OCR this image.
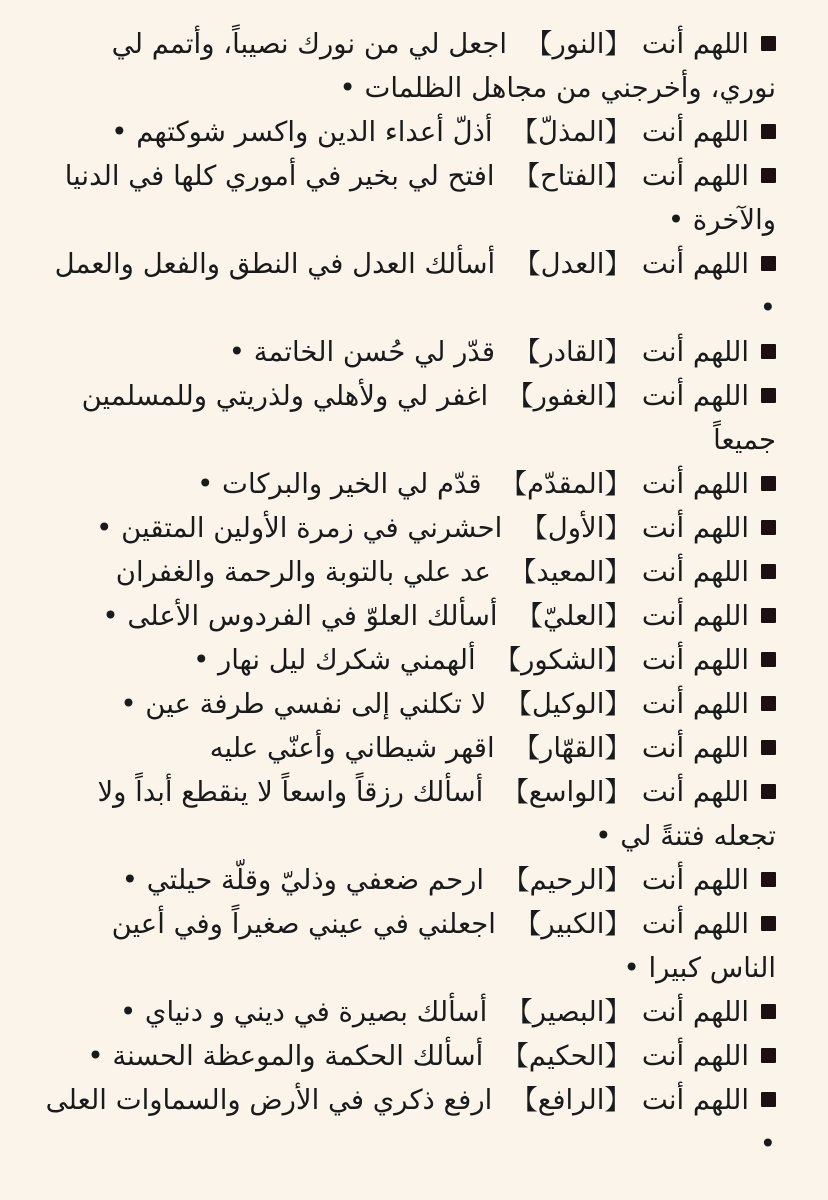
اللهم أنت【النور】اجعل لي من نورك نصيباً، وأتمم لي نوري، وأخرجني من مجاهل الظلمات •
اللهم أنت【المذلّ】أذلّ أعداء الدين واكسر شوكتهم •
اللهم أنت【الفتاح】افتح لي بخير في أموري كلها في الدنيا والآخرة •
اللهم أنت【العدل】أسألك العدل في النطق والفعل والعمل •
اللهم أنت【القادر】قدّر لي حُسن الخاتمة •
اللهم أنت【الغفور】اغفر لي ولأهلي ولذريتي وللمسلمين جميعاً
اللهم أنت【المقدّم】قدّم لي الخير والبركات •
اللهم أنت【الأول】احشرني في زمرة الأولين المتقين •
اللهم أنت【المعيد】عد علي بالتوبة والرحمة والغفران
اللهم أنت【العليّ】أسألك العلوّ في الفردوس الأعلى •
اللهم أنت【الشكور】ألهمني شكرك ليل نهار •
اللهم أنت【الوكيل】لا تكلني إلى نفسي طرفة عين •
اللهم أنت【القهّار】اقهر شيطاني وأعنّي عليه
اللهم أنت【الواسع】أسألك رزقاً واسعاً لا ينقطع أبداً ولا تجعله فتنةً لي •
اللهم أنت【الرحيم】ارحم ضعفي وذليّ وقلّة حيلتي •
اللهم أنت【الكبير】اجعلني في عيني صغيراً وفي أعين الناس كبيرا •
اللهم أنت【البصير】أسألك بصيرة في ديني و دنياي •
اللهم أنت【الحكيم】أسألك الحكمة والموعظة الحسنة •
اللهم أنت【الرافع】ارفع ذكري في الأرض والسماوات العلى •
